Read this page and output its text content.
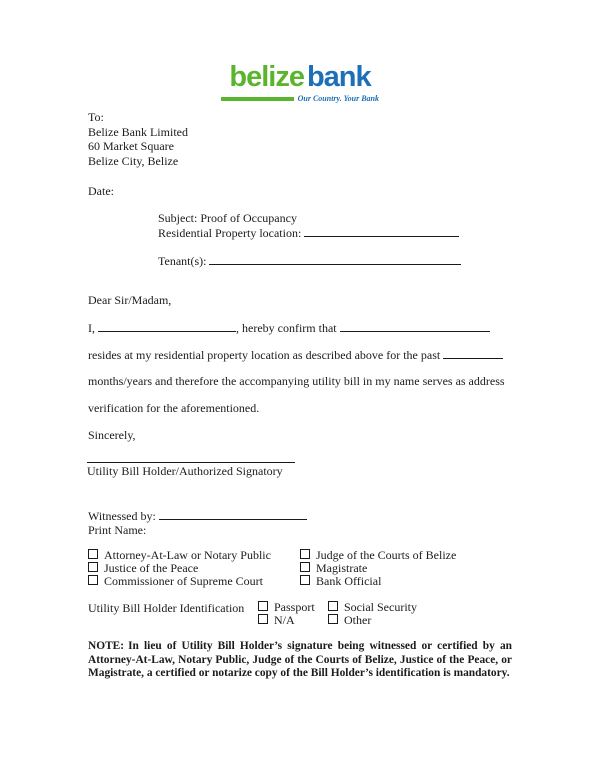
belize bank
Our Country. Your Bank
To:
Belize Bank Limited
60 Market Square
Belize City, Belize
Date:
Subject: Proof of Occupancy
Residential Property location:
Tenant(s):
Dear Sir/Madam,
I,	, hereby confirm that
resides at my residential property location as described above for the past
months/years and therefore the accompanying utility bill in my name serves as address
verification for the aforementioned.
Sincerely,
Utility Bill Holder/Authorized Signatory
Witnessed by:
Print Name:
Attorney-At-Law or Notary Public
Justice of the Peace
Commissioner of Supreme Court
Judge of the Courts of Belize
Magistrate
Bank Official
Utility Bill Holder Identification	Passport
N/A
Social Security
Other
NOTE: In lieu of Utility Bill Holder’s signature being witnessed or certified by an Attorney-At-Law, Notary Public, Judge of the Courts of Belize, Justice of the Peace, or Magistrate, a certified or notarize copy of the Bill Holder’s identification is mandatory.
